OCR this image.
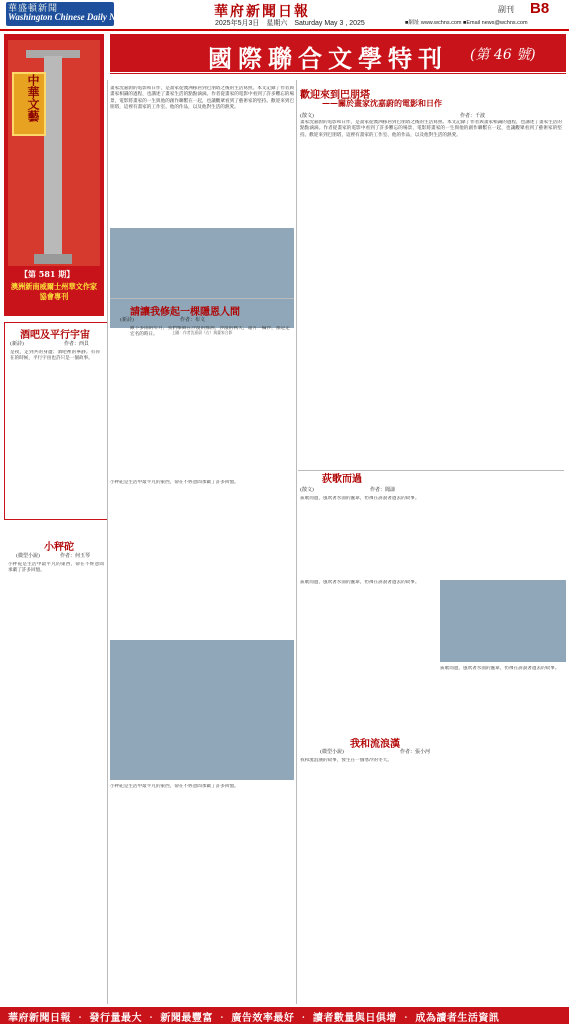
華盛頓新聞
Washington Chinese Daily News	華府新聞日報	副刊 B8
2025年5月3日　星期六　Saturday May 3 , 2025	■網址 www.wchns.com ■Email news@wchns.com
中華文藝
【第 581 期】
澳洲新南威爾士州華文作家協會專刊
國際聯合文學特刊 (第 46 號)
歡迎來到巴朋塔
——關於畫家沈嘉蔚的電影和日作
(散文)	作者：千波
畫家沈嘉蔚的電影和日作，是畫家從澳洲移居到巴朋塔之後的生活寫照。本文記錄了作者與畫家相識的過程，也講述了畫家生活的點點滴滴。作者從畫家的電影中看到了許多難忘的場景，電影將畫家的一生與他的創作聯繫在一起，也讓觀眾看到了藝術家的堅持。歡迎來到巴朋塔，這裡有畫家的工作室、他的作品，以及他對生活的熱愛。
畫家沈嘉蔚的電影和日作，是畫家從澳洲移居到巴朋塔之後的生活寫照。本文記錄了作者與畫家相識的過程，也講述了畫家生活的點點滴滴。作者從畫家的電影中看到了許多難忘的場景，電影將畫家的一生與他的創作聯繫在一起，也讓觀眾看到了藝術家的堅持。歡迎來到巴朋塔，這裡有畫家的工作室、他的作品，以及他對生活的熱愛。
上圖：作者沈嘉蔚（右）與畫家合影
酒吧及平行宇宙
(新詩)	作者：西貝
是夜，走到共的身邊；酒吧裡的寧靜。有你在的時候，平行宇宙也許只是一個故事。
請讓我修起一棵隱恩人間
(新詩)	作者：布文
敵下多雨的年月，我們擊舞在沙漠的綠洲，沙漠的秋天，遠方一輪沙，都是走宏名的時日。
小秤砣
(微型小說)	作者：何玉琴
小秤砣是生活中最平凡的東西，卻在不經意間承載了許多回憶。
小秤砣是生活中最平凡的東西，卻在不經意間承載了許多回憶。	荻歌而過
(散文)	作者：聞濤
荻歌而過，風吹著水面的蘆葦，彷彿在訴說著過去的故事。
荻歌而過，風吹著水面的蘆葦，彷彿在訴說著過去的故事。
小秤砣是生活中最平凡的東西，卻在不經意間承載了許多回憶。
我和流浪漢
(微型小說)	作者：張小河
我和流浪漢的故事，發生在一個寒冷的冬天。
荻歌而過，風吹著水面的蘆葦，彷彿在訴說著過去的故事。
華府新聞日報 ‧ 發行量最大 ‧ 新聞最豐富 ‧ 廣告效率最好 ‧ 讀者數量與日俱增 ‧ 成為讀者生活資訊
